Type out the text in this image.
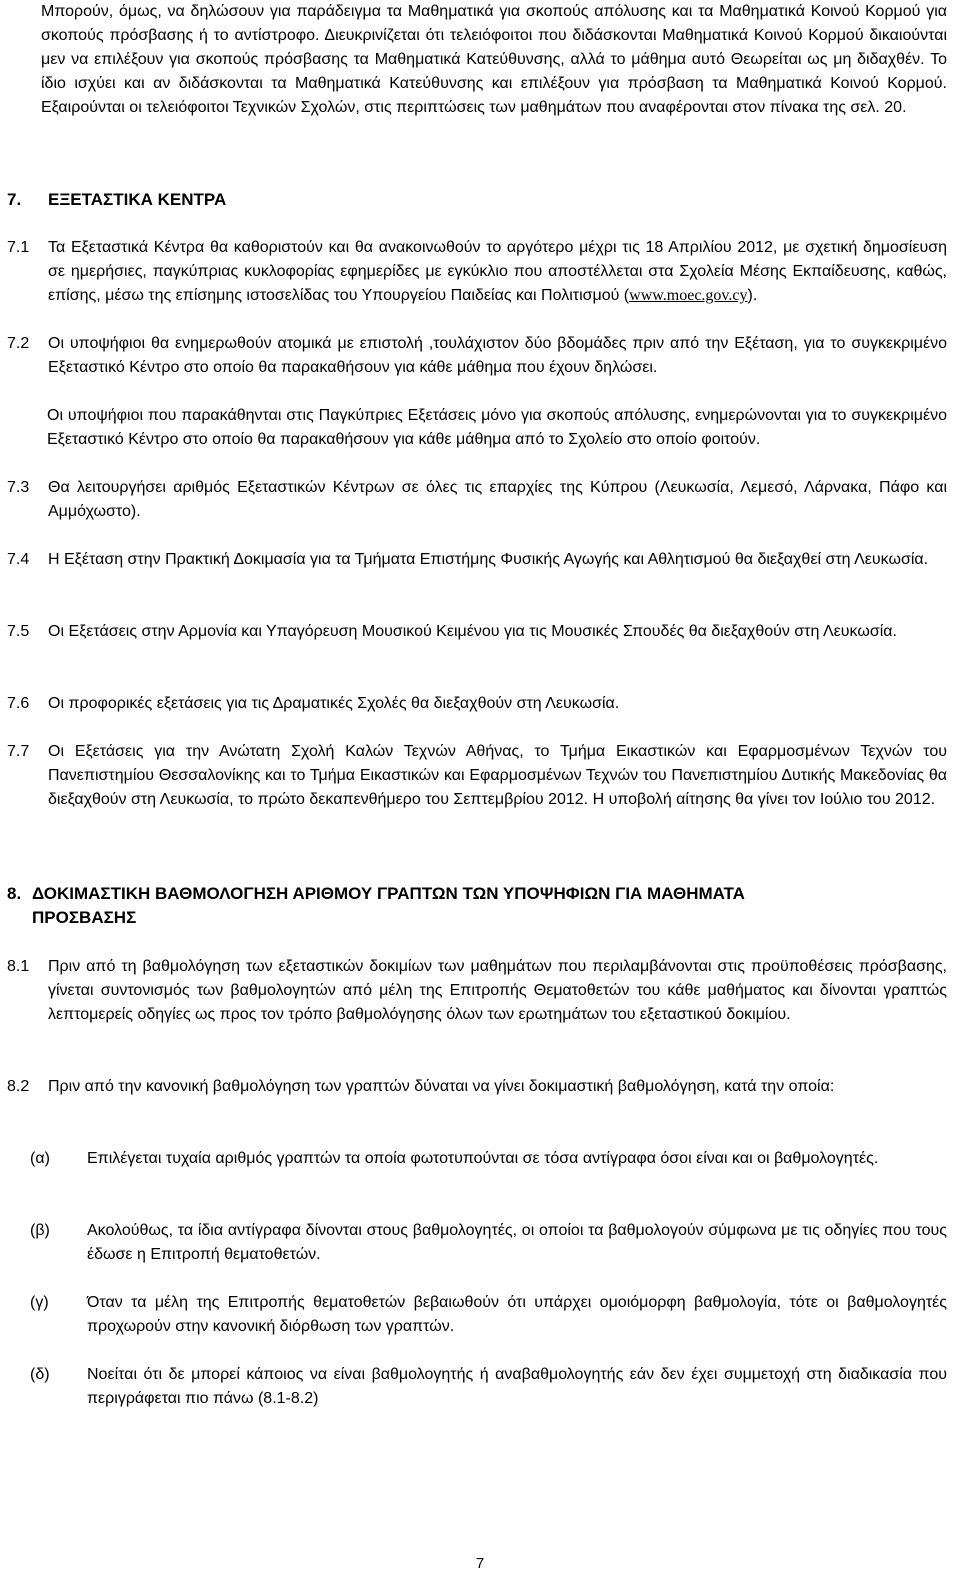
Μπορούν, όμως, να δηλώσουν για παράδειγμα τα Μαθηματικά για σκοπούς απόλυσης και τα Μαθηματικά Κοινού Κορμού για σκοπούς πρόσβασης ή το αντίστροφο. Διευκρινίζεται ότι τελειόφοιτοι που διδάσκονται Μαθηματικά Κοινού Κορμού δικαιούνται μεν να επιλέξουν για σκοπούς πρόσβασης τα Μαθηματικά Κατεύθυνσης, αλλά το μάθημα αυτό Θεωρείται ως μη διδαχθέν. Το ίδιο ισχύει και αν διδάσκονται τα Μαθηματικά Κατεύθυνσης και επιλέξουν για πρόσβαση τα Μαθηματικά Κοινού Κορμού. Εξαιρούνται οι τελειόφοιτοι Τεχνικών Σχολών, στις περιπτώσεις των μαθημάτων που αναφέρονται στον πίνακα της σελ. 20.
7. ΕΞΕΤΑΣΤΙΚΑ ΚΕΝΤΡΑ
7.1 Τα Εξεταστικά Κέντρα θα καθοριστούν και θα ανακοινωθούν το αργότερο μέχρι τις 18 Απριλίου 2012, με σχετική δημοσίευση σε ημερήσιες, παγκύπριας κυκλοφορίας εφημερίδες με εγκύκλιο που αποστέλλεται στα Σχολεία Μέσης Εκπαίδευσης, καθώς, επίσης, μέσω της επίσημης ιστοσελίδας του Υπουργείου Παιδείας και Πολιτισμού (www.moec.gov.cy).
7.2 Οι υποψήφιοι θα ενημερωθούν ατομικά με επιστολή ,τουλάχιστον δύο βδομάδες πριν από την Εξέταση, για το συγκεκριμένο Εξεταστικό Κέντρο στο οποίο θα παρακαθήσουν για κάθε μάθημα που έχουν δηλώσει.
Οι υποψήφιοι που παρακάθηνται στις Παγκύπριες Εξετάσεις μόνο για σκοπούς απόλυσης, ενημερώνονται για το συγκεκριμένο Εξεταστικό Κέντρο στο οποίο θα παρακαθήσουν για κάθε μάθημα από το Σχολείο στο οποίο φοιτούν.
7.3 Θα λειτουργήσει αριθμός Εξεταστικών Κέντρων σε όλες τις επαρχίες της Κύπρου (Λευκωσία, Λεμεσό, Λάρνακα, Πάφο και Αμμόχωστο).
7.4 Η Εξέταση στην Πρακτική Δοκιμασία για τα Τμήματα Επιστήμης Φυσικής Αγωγής και Αθλητισμού θα διεξαχθεί στη Λευκωσία.
7.5 Οι Εξετάσεις στην Αρμονία και Υπαγόρευση Μουσικού Κειμένου για τις Μουσικές Σπουδές θα διεξαχθούν στη Λευκωσία.
7.6 Οι προφορικές εξετάσεις για τις Δραματικές Σχολές θα διεξαχθούν στη Λευκωσία.
7.7 Οι Εξετάσεις για την Ανώτατη Σχολή Καλών Τεχνών Αθήνας, το Τμήμα Εικαστικών και Εφαρμοσμένων Τεχνών του Πανεπιστημίου Θεσσαλονίκης και το Τμήμα Εικαστικών και Εφαρμοσμένων Τεχνών του Πανεπιστημίου Δυτικής Μακεδονίας θα διεξαχθούν στη Λευκωσία, το πρώτο δεκαπενθήμερο του Σεπτεμβρίου 2012. Η υποβολή αίτησης θα γίνει τον Ιούλιο του 2012.
8. ΔΟΚΙΜΑΣΤΙΚΗ ΒΑΘΜΟΛΟΓΗΣΗ ΑΡΙΘΜΟΥ ΓΡΑΠΤΩΝ ΤΩΝ ΥΠΟΨΗΦΙΩΝ ΓΙΑ ΜΑΘΗΜΑΤΑ
ΠΡΟΣΒΑΣΗΣ
8.1 Πριν από τη βαθμολόγηση των εξεταστικών δοκιμίων των μαθημάτων που περιλαμβάνονται στις προϋποθέσεις πρόσβασης, γίνεται συντονισμός των βαθμολογητών από μέλη της Επιτροπής Θεματοθετών του κάθε μαθήματος και δίνονται γραπτώς λεπτομερείς οδηγίες ως προς τον τρόπο βαθμολόγησης όλων των ερωτημάτων του εξεταστικού δοκιμίου.
8.2 Πριν από την κανονική βαθμολόγηση των γραπτών δύναται να γίνει δοκιμαστική βαθμολόγηση, κατά την οποία:
(α) Επιλέγεται τυχαία αριθμός γραπτών τα οποία φωτοτυπούνται σε τόσα αντίγραφα όσοι είναι και οι βαθμολογητές.
(β) Ακολούθως, τα ίδια αντίγραφα δίνονται στους βαθμολογητές, οι οποίοι τα βαθμολογούν σύμφωνα με τις οδηγίες που τους έδωσε η Επιτροπή θεματοθετών.
(γ) Όταν τα μέλη της Επιτροπής θεματοθετών βεβαιωθούν ότι υπάρχει ομοιόμορφη βαθμολογία, τότε οι βαθμολογητές προχωρούν στην κανονική διόρθωση των γραπτών.
(δ) Νοείται ότι δε μπορεί κάποιος να είναι βαθμολογητής ή αναβαθμολογητής εάν δεν έχει συμμετοχή στη διαδικασία που περιγράφεται πιο πάνω (8.1-8.2)
7
